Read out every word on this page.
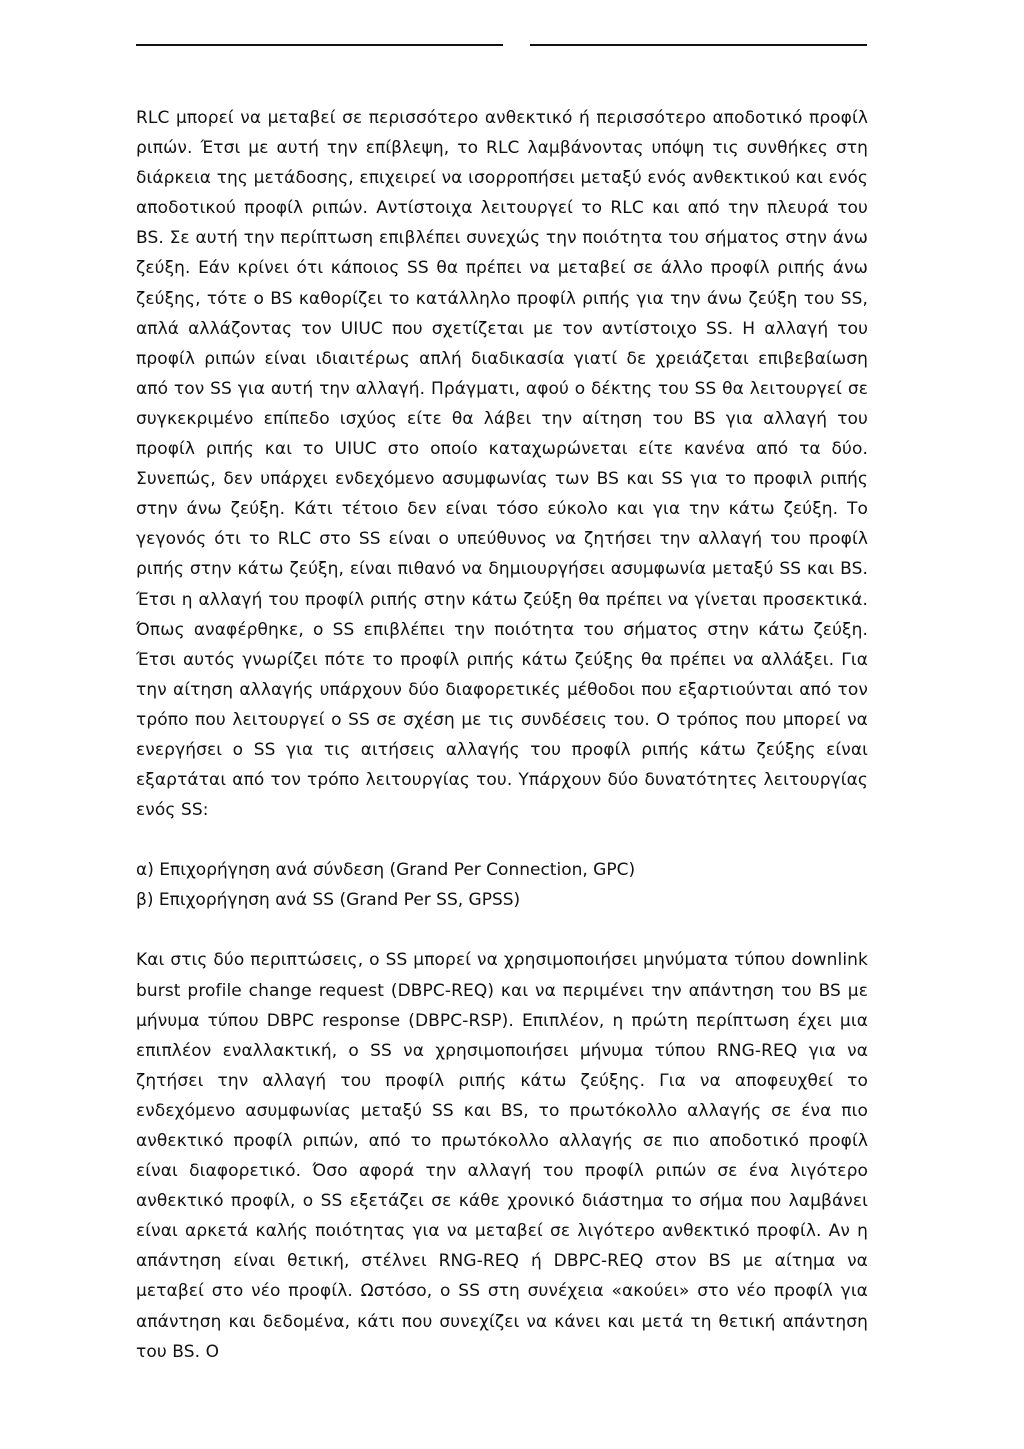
RLC μπορεί να μεταβεί σε περισσότερο ανθεκτικό ή περισσότερο αποδοτικό προφίλ ριπών. Έτσι με αυτή την επίβλεψη, το RLC λαμβάνοντας υπόψη τις συνθήκες στη διάρκεια της μετάδοσης, επιχειρεί να ισορροπήσει μεταξύ ενός ανθεκτικού και ενός αποδοτικού προφίλ ριπών. Αντίστοιχα λειτουργεί το RLC και από την πλευρά του BS. Σε αυτή την περίπτωση επιβλέπει συνεχώς την ποιότητα του σήματος στην άνω ζεύξη. Εάν κρίνει ότι κάποιος SS θα πρέπει να μεταβεί σε άλλο προφίλ ριπής άνω ζεύξης, τότε ο BS καθορίζει το κατάλληλο προφίλ ριπής για την άνω ζεύξη του SS, απλά αλλάζοντας τον UIUC που σχετίζεται με τον αντίστοιχο SS. Η αλλαγή του προφίλ ριπών είναι ιδιαιτέρως απλή διαδικασία γιατί δε χρειάζεται επιβεβαίωση από τον SS για αυτή την αλλαγή. Πράγματι, αφού ο δέκτης του SS θα λειτουργεί σε συγκεκριμένο επίπεδο ισχύος είτε θα λάβει την αίτηση του BS για αλλαγή του προφίλ ριπής και το UIUC στο οποίο καταχωρώνεται είτε κανένα από τα δύο. Συνεπώς, δεν υπάρχει ενδεχόμενο ασυμφωνίας των BS και SS για το προφιλ ριπής στην άνω ζεύξη. Κάτι τέτοιο δεν είναι τόσο εύκολο και για την κάτω ζεύξη. Το γεγονός ότι το RLC στο SS είναι ο υπεύθυνος να ζητήσει την αλλαγή του προφίλ ριπής στην κάτω ζεύξη, είναι πιθανό να δημιουργήσει ασυμφωνία μεταξύ SS και BS. Έτσι η αλλαγή του προφίλ ριπής στην κάτω ζεύξη θα πρέπει να γίνεται προσεκτικά. Όπως αναφέρθηκε, ο SS επιβλέπει την ποιότητα του σήματος στην κάτω ζεύξη. Έτσι αυτός γνωρίζει πότε το προφίλ ριπής κάτω ζεύξης θα πρέπει να αλλάξει. Για την αίτηση αλλαγής υπάρχουν δύο διαφορετικές μέθοδοι που εξαρτιούνται από τον τρόπο που λειτουργεί ο SS σε σχέση με τις συνδέσεις του. Ο τρόπος που μπορεί να ενεργήσει ο SS για τις αιτήσεις αλλαγής του προφίλ ριπής κάτω ζεύξης είναι εξαρτάται από τον τρόπο λειτουργίας του. Υπάρχουν δύο δυνατότητες λειτουργίας ενός SS:

α) Επιχορήγηση ανά σύνδεση (Grand Per Connection, GPC)

β) Επιχορήγηση ανά SS (Grand Per SS, GPSS)

Και στις δύο περιπτώσεις, ο SS μπορεί να χρησιμοποιήσει μηνύματα τύπου downlink burst profile change request (DBPC-REQ) και να περιμένει την απάντηση του BS με μήνυμα τύπου DBPC response (DBPC-RSP). Επιπλέον, η πρώτη περίπτωση έχει μια επιπλέον εναλλακτική, ο SS να χρησιμοποιήσει μήνυμα τύπου RNG-REQ για να ζητήσει την αλλαγή του προφίλ ριπής κάτω ζεύξης. Για να αποφευχθεί το ενδεχόμενο ασυμφωνίας μεταξύ SS και BS, το πρωτόκολλο αλλαγής σε ένα πιο ανθεκτικό προφίλ ριπών, από το πρωτόκολλο αλλαγής σε πιο αποδοτικό προφίλ είναι διαφορετικό. Όσο αφορά την αλλαγή του προφίλ ριπών σε ένα λιγότερο ανθεκτικό προφίλ, ο SS εξετάζει σε κάθε χρονικό διάστημα το σήμα που λαμβάνει είναι αρκετά καλής ποιότητας για να μεταβεί σε λιγότερο ανθεκτικό προφίλ. Αν η απάντηση είναι θετική, στέλνει RNG-REQ ή DBPC-REQ στον BS με αίτημα να μεταβεί στο νέο προφίλ. Ωστόσο, ο SS στη συνέχεια «ακούει» στο νέο προφίλ για απάντηση και δεδομένα, κάτι που συνεχίζει να κάνει και μετά τη θετική απάντηση του BS. Ο
